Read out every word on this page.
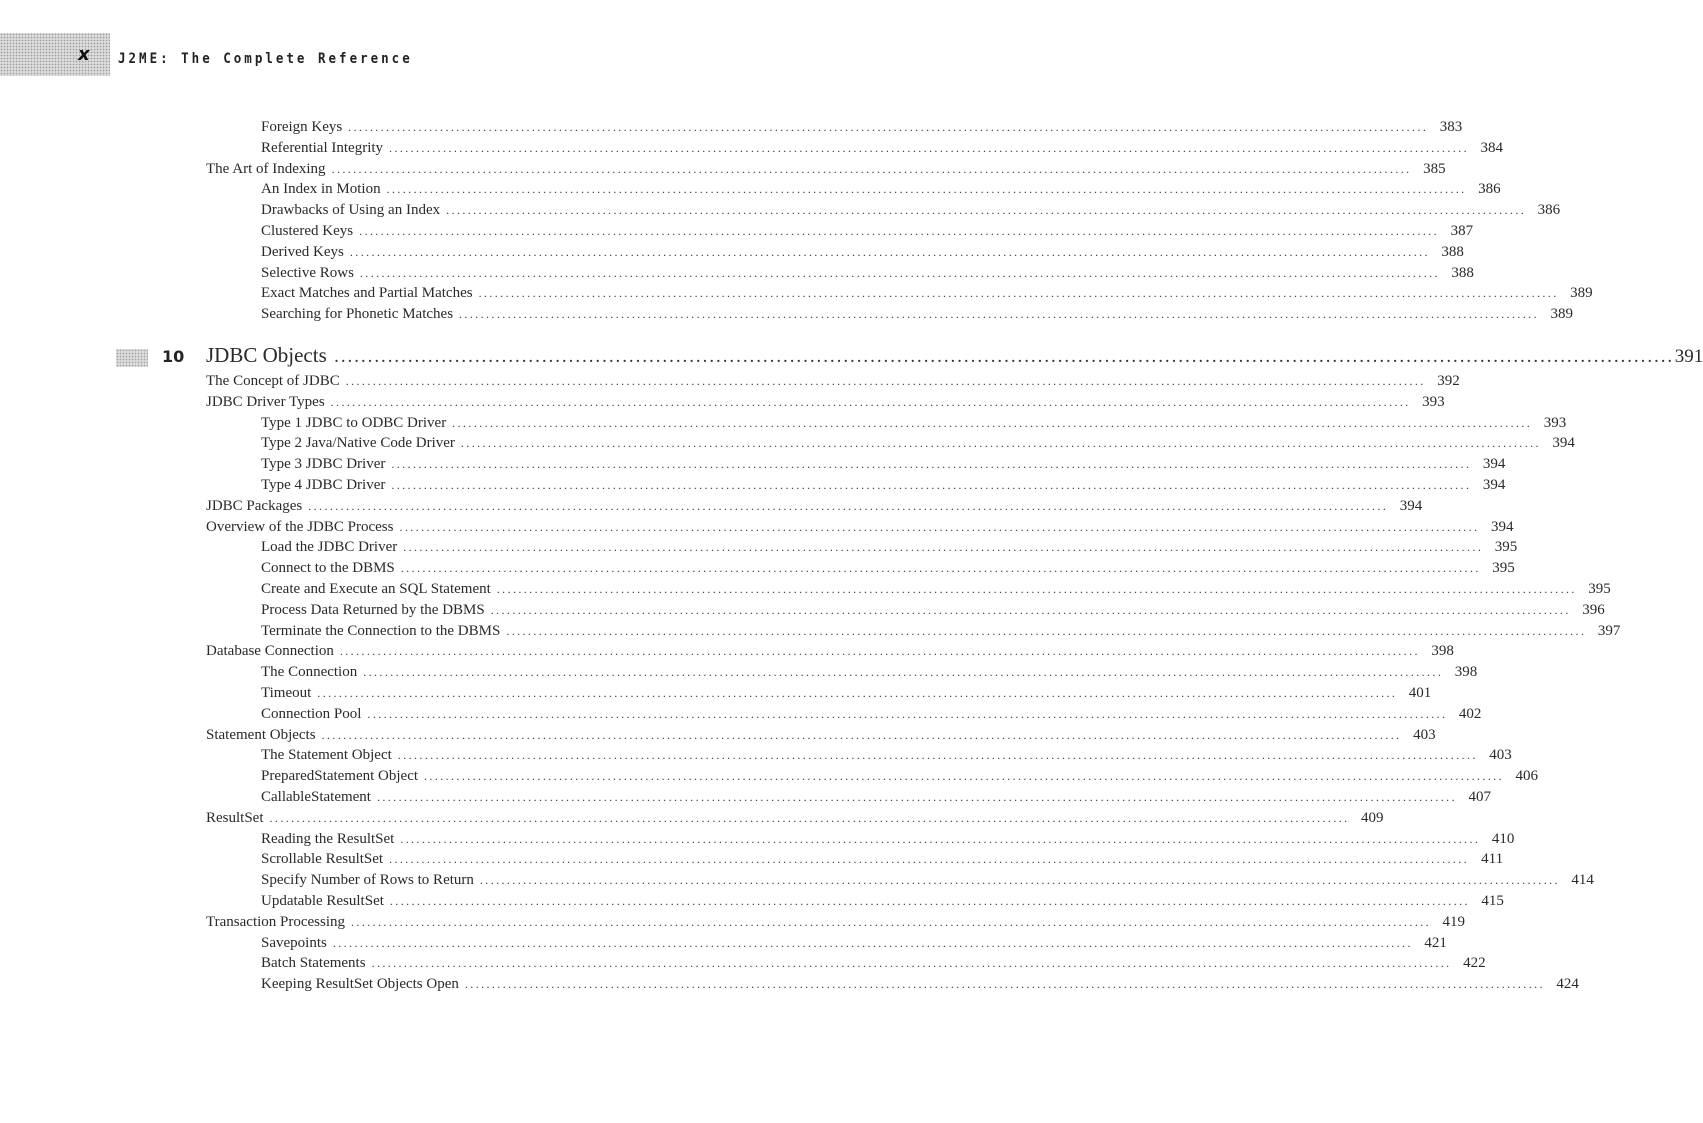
x J2ME: The Complete Reference
Foreign Keys ........................................................................................................................................................................................................ 383
Referential Integrity ........................................................................................................................................................................................................ 384
The Art of Indexing ........................................................................................................................................................................................................ 385
An Index in Motion ........................................................................................................................................................................................................ 386
Drawbacks of Using an Index ........................................................................................................................................................................................................ 386
Clustered Keys ........................................................................................................................................................................................................ 387
Derived Keys ........................................................................................................................................................................................................ 388
Selective Rows ........................................................................................................................................................................................................ 388
Exact Matches and Partial Matches ........................................................................................................................................................................................................ 389
Searching for Phonetic Matches ........................................................................................................................................................................................................ 389
The Concept of JDBC ........................................................................................................................................................................................................ 392
JDBC Driver Types ........................................................................................................................................................................................................ 393
Type 1 JDBC to ODBC Driver ........................................................................................................................................................................................................ 393
Type 2 Java/Native Code Driver ........................................................................................................................................................................................................ 394
Type 3 JDBC Driver ........................................................................................................................................................................................................ 394
Type 4 JDBC Driver ........................................................................................................................................................................................................ 394
JDBC Packages ........................................................................................................................................................................................................ 394
Overview of the JDBC Process ........................................................................................................................................................................................................ 394
Load the JDBC Driver ........................................................................................................................................................................................................ 395
Connect to the DBMS ........................................................................................................................................................................................................ 395
Create and Execute an SQL Statement ........................................................................................................................................................................................................ 395
Process Data Returned by the DBMS ........................................................................................................................................................................................................ 396
Terminate the Connection to the DBMS ........................................................................................................................................................................................................ 397
Database Connection ........................................................................................................................................................................................................ 398
The Connection ........................................................................................................................................................................................................ 398
Timeout ........................................................................................................................................................................................................ 401
Connection Pool ........................................................................................................................................................................................................ 402
Statement Objects ........................................................................................................................................................................................................ 403
The Statement Object ........................................................................................................................................................................................................ 403
PreparedStatement Object ........................................................................................................................................................................................................ 406
CallableStatement ........................................................................................................................................................................................................ 407
ResultSet ........................................................................................................................................................................................................ 409
Reading the ResultSet ........................................................................................................................................................................................................ 410
Scrollable ResultSet ........................................................................................................................................................................................................ 411
Specify Number of Rows to Return ........................................................................................................................................................................................................ 414
Updatable ResultSet ........................................................................................................................................................................................................ 415
Transaction Processing ........................................................................................................................................................................................................ 419
Savepoints ........................................................................................................................................................................................................ 421
Batch Statements ........................................................................................................................................................................................................ 422
Keeping ResultSet Objects Open ........................................................................................................................................................................................................ 424
10 JDBC Objects ........................................................................................................................................................................................................ 391
